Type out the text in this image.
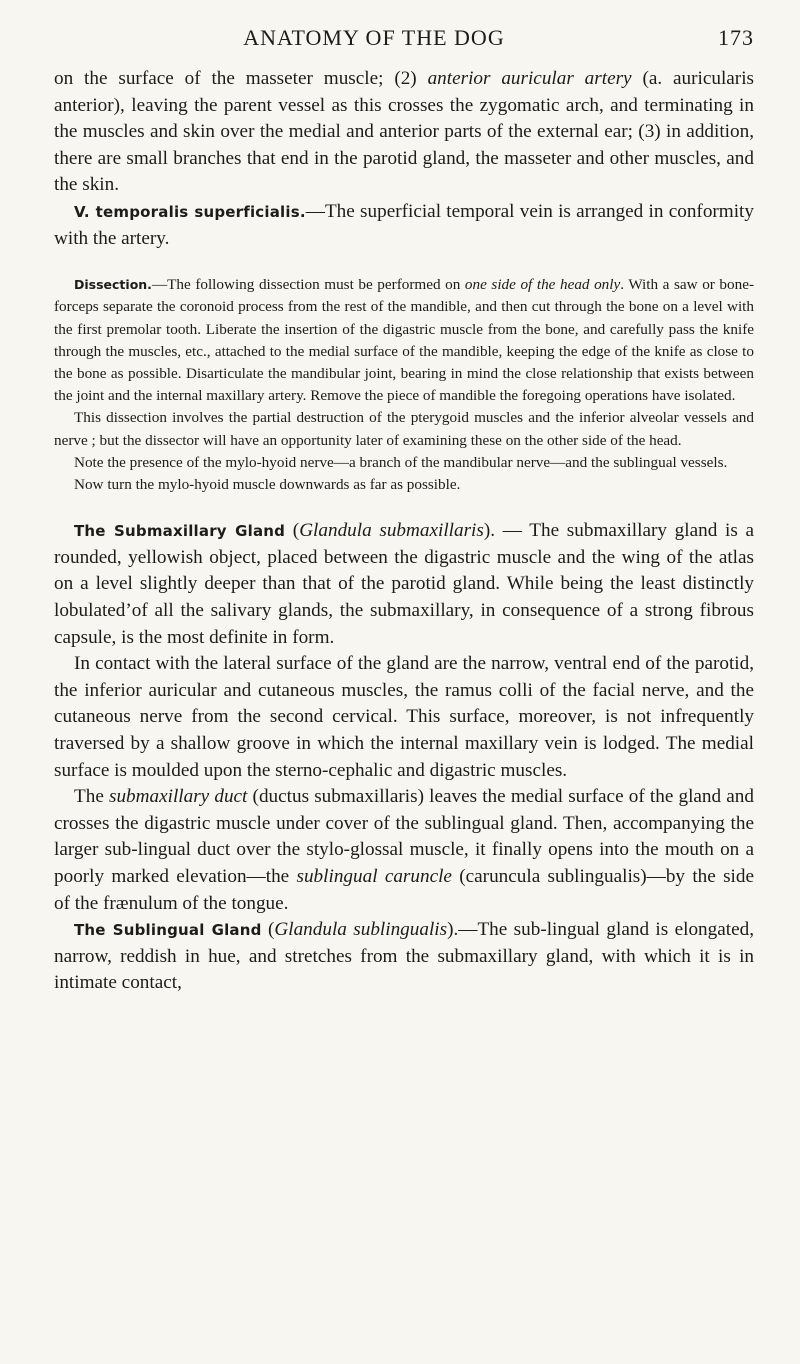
ANATOMY OF THE DOG	173

on the surface of the masseter muscle; (2) anterior auricular artery (a. auricularis anterior), leaving the parent vessel as this crosses the zygomatic arch, and terminating in the muscles and skin over the medial and anterior parts of the external ear; (3) in addition, there are small branches that end in the parotid gland, the masseter and other muscles, and the skin.

V. temporalis superficialis.—The superficial temporal vein is arranged in conformity with the artery.

Dissection.—The following dissection must be performed on one side of the head only. With a saw or bone-forceps separate the coronoid process from the rest of the mandible, and then cut through the bone on a level with the first premolar tooth. Liberate the insertion of the digastric muscle from the bone, and carefully pass the knife through the muscles, etc., attached to the medial surface of the mandible, keeping the edge of the knife as close to the bone as possible. Disarticulate the mandibular joint, bearing in mind the close relationship that exists between the joint and the internal maxillary artery. Remove the piece of mandible the foregoing operations have isolated.

This dissection involves the partial destruction of the pterygoid muscles and the inferior alveolar vessels and nerve ; but the dissector will have an opportunity later of examining these on the other side of the head.

Note the presence of the mylo-hyoid nerve—a branch of the mandibular nerve—and the sublingual vessels.

Now turn the mylo-hyoid muscle downwards as far as possible.

The Submaxillary Gland (Glandula submaxillaris). — The submaxillary gland is a rounded, yellowish object, placed between the digastric muscle and the wing of the atlas on a level slightly deeper than that of the parotid gland. While being the least distinctly lobulatedʼof all the salivary glands, the submaxillary, in consequence of a strong fibrous capsule, is the most definite in form.

In contact with the lateral surface of the gland are the narrow, ventral end of the parotid, the inferior auricular and cutaneous muscles, the ramus colli of the facial nerve, and the cutaneous nerve from the second cervical. This surface, moreover, is not infrequently traversed by a shallow groove in which the internal maxillary vein is lodged. The medial surface is moulded upon the sterno-cephalic and digastric muscles.

The submaxillary duct (ductus submaxillaris) leaves the medial surface of the gland and crosses the digastric muscle under cover of the sublingual gland. Then, accompanying the larger sub-lingual duct over the stylo-glossal muscle, it finally opens into the mouth on a poorly marked elevation—the sublingual caruncle (caruncula sublingualis)—by the side of the frænulum of the tongue.

The Sublingual Gland (Glandula sublingualis).—The sub-lingual gland is elongated, narrow, reddish in hue, and stretches from the submaxillary gland, with which it is in intimate contact,
